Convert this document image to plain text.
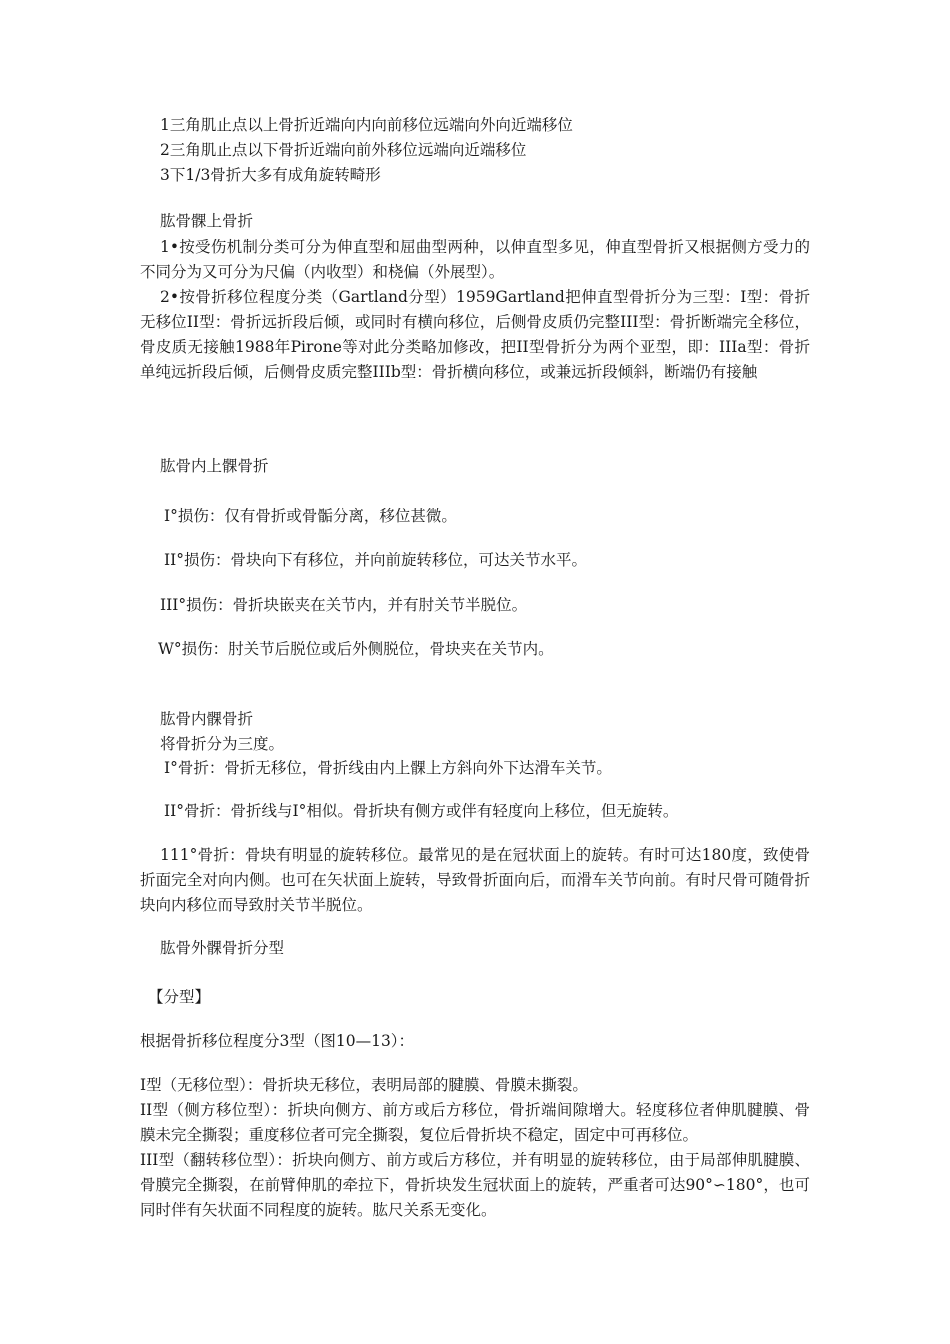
1三角肌止点以上骨折近端向内向前移位远端向外向近端移位

2三角肌止点以下骨折近端向前外移位远端向近端移位

3下1/3骨折大多有成角旋转畸形

肱骨髁上骨折

1•按受伤机制分类可分为伸直型和屈曲型两种，以伸直型多见，伸直型骨折又根据侧方受力的不同分为又可分为尺偏（内收型）和桡偏（外展型）。

2•按骨折移位程度分类（Gartland分型）1959Gartland把伸直型骨折分为三型：I型：骨折无移位II型：骨折远折段后倾，或同时有横向移位，后侧骨皮质仍完整III型：骨折断端完全移位，骨皮质无接触1988年Pirone等对此分类略加修改，把II型骨折分为两个亚型，即：IIIa型：骨折单纯远折段后倾，后侧骨皮质完整IIIb型：骨折横向移位，或兼远折段倾斜，断端仍有接触

肱骨内上髁骨折

Ⅰ°损伤：仅有骨折或骨骺分离，移位甚微。

ⅠⅠ°损伤：骨块向下有移位，并向前旋转移位，可达关节水平。

ⅠⅠⅠ°损伤：骨折块嵌夹在关节内，并有肘关节半脱位。

W°损伤：肘关节后脱位或后外侧脱位，骨块夹在关节内。

肱骨内髁骨折

将骨折分为三度。

Ⅰ°骨折：骨折无移位，骨折线由内上髁上方斜向外下达滑车关节。

ⅠⅠ°骨折：骨折线与Ⅰ°相似。骨折块有侧方或伴有轻度向上移位，但无旋转。

111°骨折：骨块有明显的旋转移位。最常见的是在冠状面上的旋转。有时可达180度，致使骨折面完全对向内侧。也可在矢状面上旋转，导致骨折面向后，而滑车关节向前。有时尺骨可随骨折块向内移位而导致肘关节半脱位。

肱骨外髁骨折分型

【分型】

根据骨折移位程度分3型（图10—13）：

I型（无移位型）：骨折块无移位，表明局部的腱膜、骨膜未撕裂。

II型（侧方移位型）：折块向侧方、前方或后方移位，骨折端间隙增大。轻度移位者伸肌腱膜、骨膜未完全撕裂；重度移位者可完全撕裂，复位后骨折块不稳定，固定中可再移位。

III型（翻转移位型）：折块向侧方、前方或后方移位，并有明显的旋转移位，由于局部伸肌腱膜、骨膜完全撕裂，在前臂伸肌的牵拉下，骨折块发生冠状面上的旋转，严重者可达90°∽180°，也可同时伴有矢状面不同程度的旋转。肱尺关系无变化。
